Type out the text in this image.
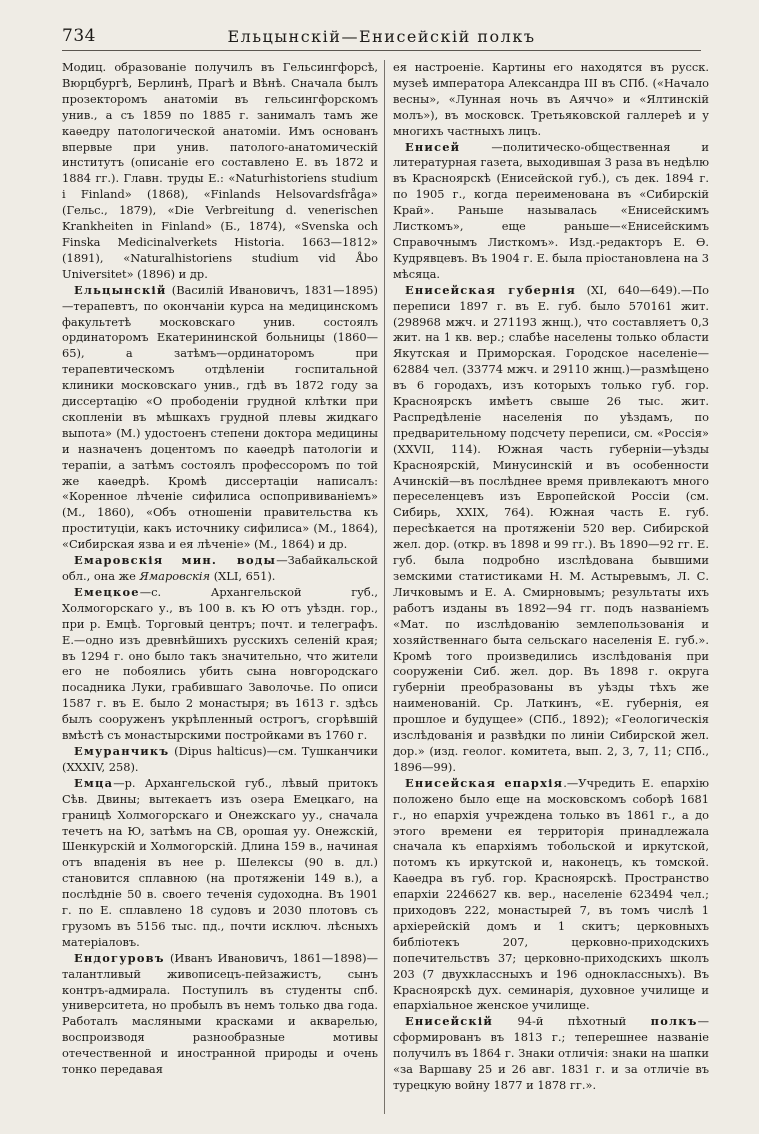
734	Ельцынскій—Енисейскій полкъ

Модиц. образованіе получилъ въ Гельсингфорсѣ, Вюрцбургѣ, Берлинѣ, Прагѣ и Вѣнѣ. Сначала былъ прозекторомъ анатоміи въ гельсингфорскомъ унив., а съ 1859 по 1885 г. занималъ тамъ же каѳедру патологической анатоміи. Имъ основанъ впервые при унив. патолого-анатомическій институтъ (описаніе его составлено Е. въ 1872 и 1884 гг.). Главн. труды Е.: «Naturhistoriens studium i Finland» (1868), «Finlands Helsovardsfråga» (Гельс., 1879), «Die Verbreitung d. venerischen Krankheiten in Finland» (Б., 1874), «Svenska och Finska Medicinalverkets Historia. 1663—1812» (1891), «Naturalhistoriens studium vid Åbo Universitet» (1896) и др.

Ельцынскій (Василій Ивановичъ, 1831—1895)—терапевтъ, по окончаніи курса на медицинскомъ факультетѣ московскаго унив. состоялъ ординаторомъ Екатерининской больницы (1860—65), а затѣмъ—ординаторомъ при терапевтическомъ отдѣленіи госпитальной клиники московскаго унив., гдѣ въ 1872 году за диссертацію «О прободеніи грудной клѣтки при скопленіи въ мѣшкахъ грудной плевы жидкаго выпота» (М.) удостоенъ степени доктора медицины и назначенъ доцентомъ по каѳедрѣ патологіи и терапіи, а затѣмъ состоялъ профессоромъ по той же каѳедрѣ. Кромѣ диссертаціи написалъ: «Коренное лѣченіе сифилиса оспопрививаніемъ» (М., 1860), «Объ отношеніи правительства къ проституціи, какъ источнику сифилиса» (М., 1864), «Сибирская язва и ея лѣченіе» (М., 1864) и др.

Емаровскія мин. воды—Забайкальской обл., она же Ямаровскія (XLI, 651).

Емецкое—с. Архангельской губ., Холмогорскаго у., въ 100 в. къ Ю отъ уѣздн. гор., при р. Емцѣ. Торговый центръ; почт. и телеграфъ. Е.—одно изъ древнѣйшихъ русскихъ селеній края; въ 1294 г. оно было такъ значительно, что жители его не побоялись убить сына новгородскаго посадника Луки, грабившаго Заволочье. По описи 1587 г. въ Е. было 2 монастыря; въ 1613 г. здѣсь былъ сооруженъ укрѣпленный острогъ, сгорѣвшій вмѣстѣ съ монастырскими постройками въ 1760 г.

Емуранчикъ (Dipus halticus)—см. Тушканчики (XXXIV, 258).

Емца—р. Архангельской губ., лѣвый притокъ Сѣв. Двины; вытекаетъ изъ озера Емецкаго, на границѣ Холмогорскаго и Онежскаго уу., сначала течетъ на Ю, затѣмъ на СВ, орошая уу. Онежскій, Шенкурскій и Холмогорскій. Длина 159 в., начиная отъ впаденія въ нее р. Шелексы (90 в. дл.) становится сплавною (на протяженіи 149 в.), а послѣдніе 50 в. своего теченія судоходна. Въ 1901 г. по Е. сплавлено 18 судовъ и 2030 плотовъ съ грузомъ въ 5156 тыс. пд., почти исключ. лѣсныхъ матеріаловъ.

Ендогуровъ (Иванъ Ивановичъ, 1861—1898)—талантливый живописецъ-пейзажистъ, сынъ контръ-адмирала. Поступилъ въ студенты спб. университета, но пробылъ въ немъ только два года. Работалъ масляными красками и акварелью, воспроизводя разнообразные мотивы отечественной и иностранной природы и очень тонко передавая

ея настроеніе. Картины его находятся въ русск. музеѣ императора Александра III въ СПб. («Начало весны», «Лунная ночь въ Аяччо» и «Ялтинскій молъ»), въ московск. Третьяковской галлереѣ и у многихъ частныхъ лицъ.

Енисей	—политическо-общественная и литературная газета, выходившая 3 раза въ недѣлю въ Красноярскѣ (Енисейской губ.), съ дек. 1894 г. по 1905 г., когда переименована въ «Сибирскій Край». Раньше называлась «Енисейскимъ Листкомъ», еще раньше—«Енисейскимъ Справочнымъ Листкомъ». Изд.-редакторъ Е. Ѳ. Кудрявцевъ. Въ 1904 г. Е. была пріостановлена на 3 мѣсяца.

Енисейская губернія (XI, 640—649).—По переписи 1897 г. въ Е. губ. было 570161 жит. (298968 мжч. и 271193 жнщ.), что составляетъ 0,3 жит. на 1 кв. вер.; слабѣе населены только области Якутская и Приморская. Городское населеніе—62884 чел. (33774 мжч. и 29110 жнщ.)—размѣщено въ 6 городахъ, изъ которыхъ только губ. гор. Красноярскъ имѣетъ свыше 26 тыс. жит. Распредѣленіе населенія по уѣздамъ, по предварительному подсчету переписи, см. «Россія» (XXVII, 114). Южная часть губерніи—уѣзды Красноярскій, Минусинскій и въ особенности Ачинскій—въ послѣднее время привлекаютъ много переселенцевъ изъ Европейской Россіи (см. Сибирь, XXIX, 764). Южная часть Е. губ. пересѣкается на протяженіи 520 вер. Сибирской жел. дор. (откр. въ 1898 и 99 гг.). Въ 1890—92 гг. Е. губ. была подробно изслѣдована бывшими земскими статистиками Н. М. Астыревымъ, Л. С. Личковымъ и Е. А. Смирновымъ; результаты ихъ работъ изданы въ 1892—94 гг. подъ названіемъ «Мат. по изслѣдованію землепользованія и хозяйственнаго быта сельскаго населенія Е. губ.». Кромѣ того произведились изслѣдованія при сооруженіи Сиб. жел. дор. Въ 1898 г. округа губерніи преобразованы въ уѣзды тѣхъ же наименованій. Ср. Латкинъ, «Е. губернія, ея прошлое и будущее» (СПб., 1892); «Геологическія изслѣдованія и развѣдки по линіи Сибирской жел. дор.» (изд. геолог. комитета, вып. 2, 3, 7, 11; СПб., 1896—99).

Енисейская епархія.—Учредить Е. епархію положено было еще на московскомъ соборѣ 1681 г., но епархія учреждена только въ 1861 г., а до этого времени ея территорія принадлежала сначала къ епархіямъ тобольской и иркутской, потомъ къ иркутской и, наконецъ, къ томской. Каѳедра въ губ. гор. Красноярскѣ. Пространство епархіи 2246627 кв. вер., населеніе 623494 чел.; приходовъ 222, монастырей 7, въ томъ числѣ 1 архіерейскій домъ и 1 скитъ; церковныхъ библіотекъ 207, церковно-приходскихъ попечительствъ 37; церковно-приходскихъ школъ 203 (7 двухклассныхъ и 196 одноклассныхъ). Въ Красноярскѣ дух. семинарія, духовное училище и епархіальное женское училище.

Енисейскій 94-й пѣхотный полкъ—сформированъ въ 1813 г.; теперешнее названіе получилъ въ 1864 г. Знаки отличія: знаки на шапки «за Варшаву 25 и 26 авг. 1831 г. и за отличіе въ турецкую войну 1877 и 1878 гг.».
